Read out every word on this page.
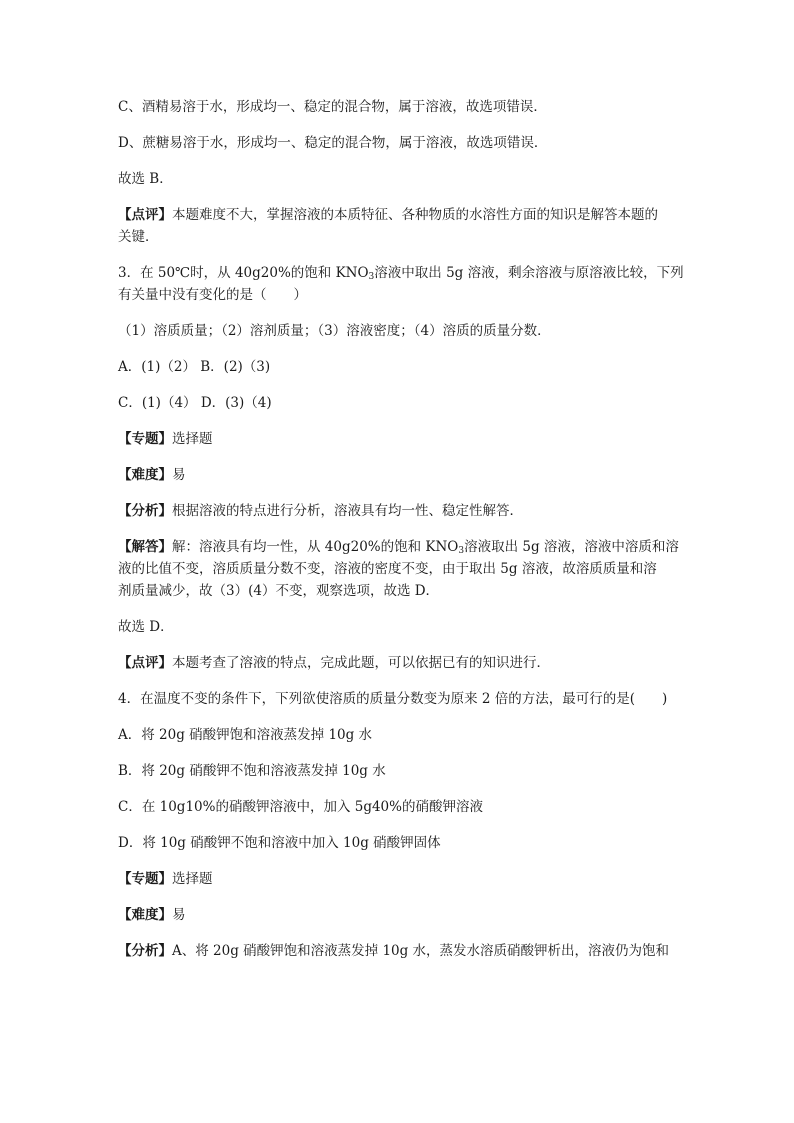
C、酒精易溶于水，形成均一、稳定的混合物，属于溶液，故选项错误．

D、蔗糖易溶于水，形成均一、稳定的混合物，属于溶液，故选项错误．

故选 B．

【点评】本题难度不大，掌握溶液的本质特征、各种物质的水溶性方面的知识是解答本题的

关键．

3．在 50℃时，从 40g20%的饱和 $KNO_3$溶液中取出 5g 溶液，剩余溶液与原溶液比较，下列

有关量中没有变化的是（　　）

（1）溶质质量；（2）溶剂质量；（3）溶液密度；（4）溶质的质量分数．

A．(1)（2） B．(2)（3)

C．(1)（4） D．(3)（4)

【专题】选择题

【难度】易

【分析】根据溶液的特点进行分析，溶液具有均一性、稳定性解答．

【解答】解：溶液具有均一性，从 40g20%的饱和 $KNO_3$溶液取出 5g 溶液，溶液中溶质和溶

液的比值不变，溶质质量分数不变，溶液的密度不变，由于取出 5g 溶液，故溶质质量和溶

剂质量减少，故（3）(4）不变，观察选项，故选 D．

故选 D．

【点评】本题考查了溶液的特点，完成此题，可以依据已有的知识进行．

4．在温度不变的条件下，下列欲使溶质的质量分数变为原来 2 倍的方法，最可行的是(　　)

A．将 20g 硝酸钾饱和溶液蒸发掉 10g 水

B．将 20g 硝酸钾不饱和溶液蒸发掉 10g 水

C．在 10g10%的硝酸钾溶液中，加入 5g40%的硝酸钾溶液

D．将 10g 硝酸钾不饱和溶液中加入 10g 硝酸钾固体

【专题】选择题

【难度】易

【分析】A、将 20g 硝酸钾饱和溶液蒸发掉 10g 水，蒸发水溶质硝酸钾析出，溶液仍为饱和
